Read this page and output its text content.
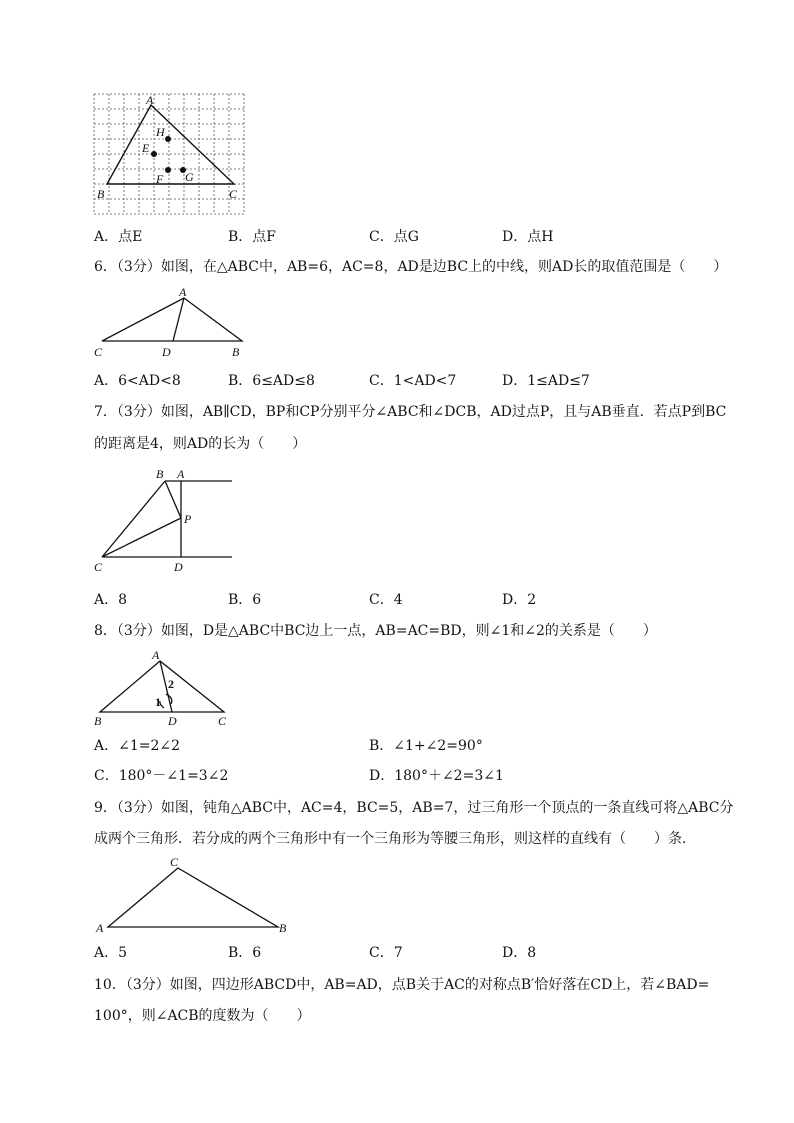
A
H
E
F G
B	C
A．点E	B．点F	C．点G	D．点H
6．（3分）如图，在△ABC中，AB=6，AC=8，AD是边BC上的中线，则AD长的取值范围是（　　）
A
C	D	B
A．6<AD<8	B．6≤AD≤8	C．1<AD<7	D．1≤AD≤7
7．（3分）如图，AB∥CD，BP和CP分别平分∠ABC和∠DCB，AD过点P，且与AB垂直．若点P到BC
的距离是4，则AD的长为（　　）
B A
P
C	D
A．8	B．6	C．4	D．2
8．（3分）如图，D是△ABC中BC边上一点，AB=AC=BD，则∠1和∠2的关系是（　　）
A
2
1
B	D	C
A．∠1=2∠2	B．∠1+∠2=90°
C．180°－∠1=3∠2	D．180°＋∠2=3∠1
9．（3分）如图，钝角△ABC中，AC=4，BC=5，AB=7，过三角形一个顶点的一条直线可将△ABC分
成两个三角形．若分成的两个三角形中有一个三角形为等腰三角形，则这样的直线有（　　）条．
C
A	B
A．5	B．6	C．7	D．8
10．（3分）如图，四边形ABCD中，AB=AD，点B关于AC的对称点B′恰好落在CD上，若∠BAD=
100°，则∠ACB的度数为（　　）
